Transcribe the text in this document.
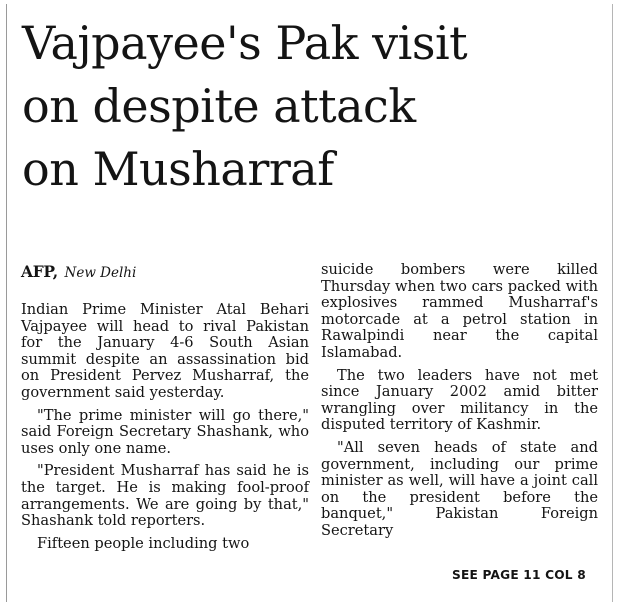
Vajpayee's Pak visit
on despite attack
on Musharraf
AFP, New Delhi

Indian Prime Minister Atal Behari Vajpayee will head to rival Pakistan for the January 4-6 South Asian summit despite an assassination bid on President Pervez Musharraf, the government said yesterday.

"The prime minister will go there," said Foreign Secretary Shashank, who uses only one name.

"President Musharraf has said he is the target. He is making fool-proof arrangements. We are going by that," Shashank told reporters.

Fifteen people including two

suicide bombers were killed Thursday when two cars packed with explosives rammed Musharraf's motorcade at a petrol station in Rawalpindi near the capital Islamabad.

The two leaders have not met since January 2002 amid bitter wrangling over militancy in the disputed territory of Kashmir.

"All seven heads of state and government, including our prime minister as well, will have a joint call on the president before the banquet," Pakistan Foreign Secretary

SEE PAGE 11 COL 8
